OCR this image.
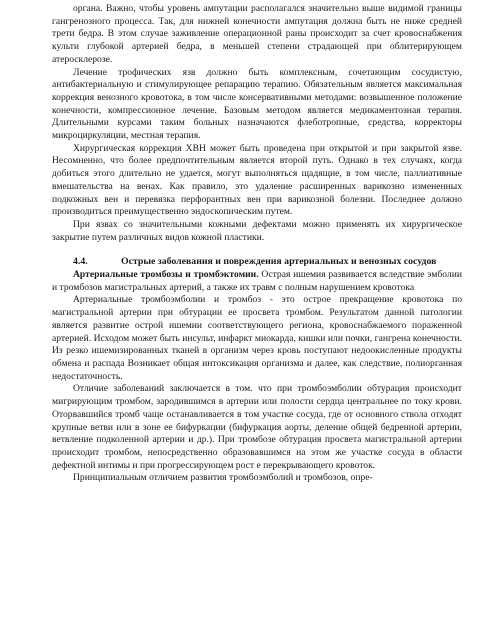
органа. Важно, чтобы уровень ампутации располагался значительно выше видимой границы гангренозного процесса. Так, для нижней конечности ампутация должна быть не ниже средней трети бедра. В этом случае заживление операционной раны происходит за счет кровоснабжения культи глубокой артерией бедра, в меньшей степени страдающей при облитерирующем атеросклерозе.

Лечение трофических язв должно быть комплексным, сочетающим сосудистую, антибактериальную и стимулирующее репарацию терапию. Обязательным является максимальная коррекция венозного кровотока, в том числе консервативными методами: возвышенное положение конечности, компрессионное лечение. Базовым методом является медикаментозная терапия. Длительными курсами таким больных назначаются флеботропные, средства, корректоры микроциркуляции, местная терапия.

Хирургическая коррекция ХВН может быть проведена при открытой и при закрытой язве. Несомненно, что более предпочтительным является второй путь. Однако в тех случаях, когда добиться этого длительно не удается, могут выполняться щадящие, в том числе, паллиативные вмешательства на венах. Как правило, это удаление расширенных варикозно измененных подкожных вен и перевязка перфорантных вен при варикозной болезни. Последнее должно производиться преимущественно эндоскопическим путем.

При язвах со значительными кожными дефектами можно применять их хирургическое закрытие путем различных видов кожной пластики.

4.4.	Острые заболевания и повреждения артериальных и венозных сосудов

Артериальные тромбозы и тромбэктомии. Острая ишемия развивается вследствие эмболии и тромбозов магистральных артерий, а также их травм с полным нарушением кровотока

Артериальные тромбоэмболии и тромбоз - это острое прекращение кровотока по магистральной артерии при обтурации ее просвета тромбом. Результатом данной патологии является развитие острой ишемии соответствующего региона, кровоснабжаемого пораженной артерией. Исходом может быть инсульт, инфаркт миокарда, кишки или почки, гангрена конечности. Из резко ишемизированных тканей в организм через кровь поступают недоокисленные продукты обмена и распада Возникает общая интоксикация организма и далее, как следствие, полиорганная недостаточность.

Отличие заболеваний заключается в том. что при тромбоэмболии обтурация происходит мигрирующим тромбом, зародившимся в артерии или полости сердца центральнее по току крови. Оторвавшийся тромб чаще останавливается в том участке сосуда, где от основного ствола отходят крупные ветви или в зоне ее бифуркации (бифуркация аорты, деление общей бедренной артерии, ветвление подколенной артерии и др.). При тромбозе обтурация просвета магистральной артерии происходит тромбом, непосредственно образовавшимся на этом же участке сосуда в области дефектной интимы и при прогрессирующем рост е перекрывающего кровоток.

Принципиальным отличием развития тромбоэмболий и тромбозов, опре-
